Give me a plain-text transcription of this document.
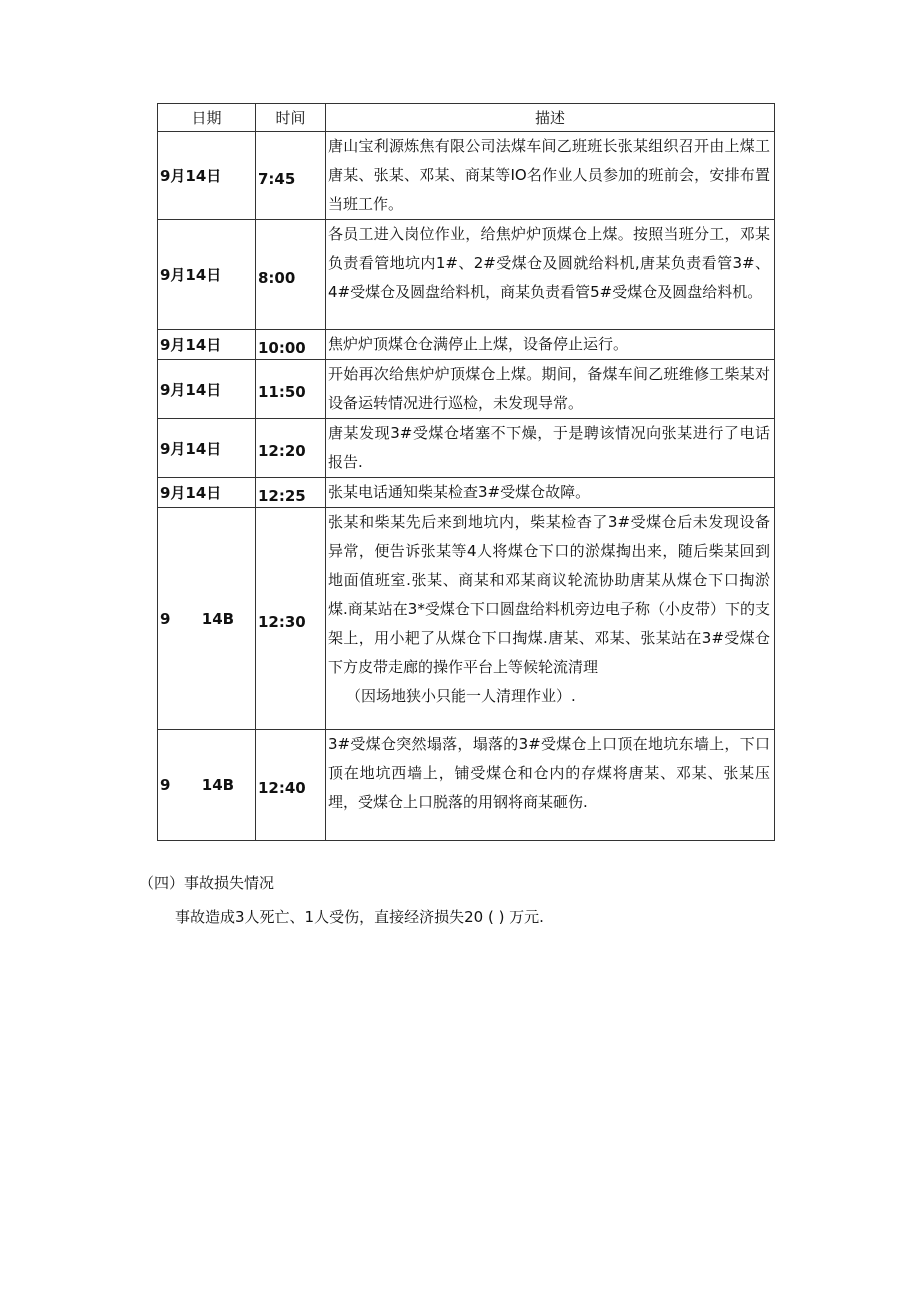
日期	时间	描述
9月14日	7:45	唐山宝利源炼焦有限公司法煤车间乙班班长张某组织召开由上煤工唐某、张某、邓某、商某等IO名作业人员参加的班前会，安排布置当班工作。
9月14日	8:00	各员工进入岗位作业，给焦炉炉顶煤仓上煤。按照当班分工，邓某负责看管地坑内1#、2#受煤仓及圆就给料机,唐某负责看管3#、4#受煤仓及圆盘给料机，商某负责看管5#受煤仓及圆盘给料机。
9月14日	10:00	焦炉炉顶煤仓仓满停止上煤，设备停止运行。
9月14日	11:50	开始再次给焦炉炉顶煤仓上煤。期间，备煤车间乙班维修工柴某对设备运转情况进行巡检，未发现导常。
9月14日	12:20	唐某发现3#受煤仓堵塞不下燥，于是聘该情况向张某进行了电话报告.
9月14日	12:25	张某电话通知柴某检查3#受煤仓故障。
9      14B	12:30	张某和柴某先后来到地坑内，柴某检杳了3#受煤仓后未发现设备异常，便告诉张某等4人将煤仓下口的淤煤掏出来，随后柴某回到地面值班室.张某、商某和邓某商议轮流协助唐某从煤仓下口掏淤煤.商某站在3*受煤仓下口圆盘给料机旁边电子称（小皮带）下的支架上，用小耙了从煤仓下口掏煤.唐某、邓某、张某站在3#受煤仓下方皮带走廊的操作平台上等候轮流清理
（因场地狭小只能一人清理作业）.

9      14B	12:40	3#受煤仓突然塌落，塌落的3#受煤仓上口顶在地坑东墙上，下口顶在地坑西墙上，铺受煤仓和仓内的存煤将唐某、邓某、张某压埋，受煤仓上口脱落的用钢将商某砸伤.

（四）事故损失情况

事故造成3人死亡、1人受伤，直接经济损失20 ( ) 万元.
